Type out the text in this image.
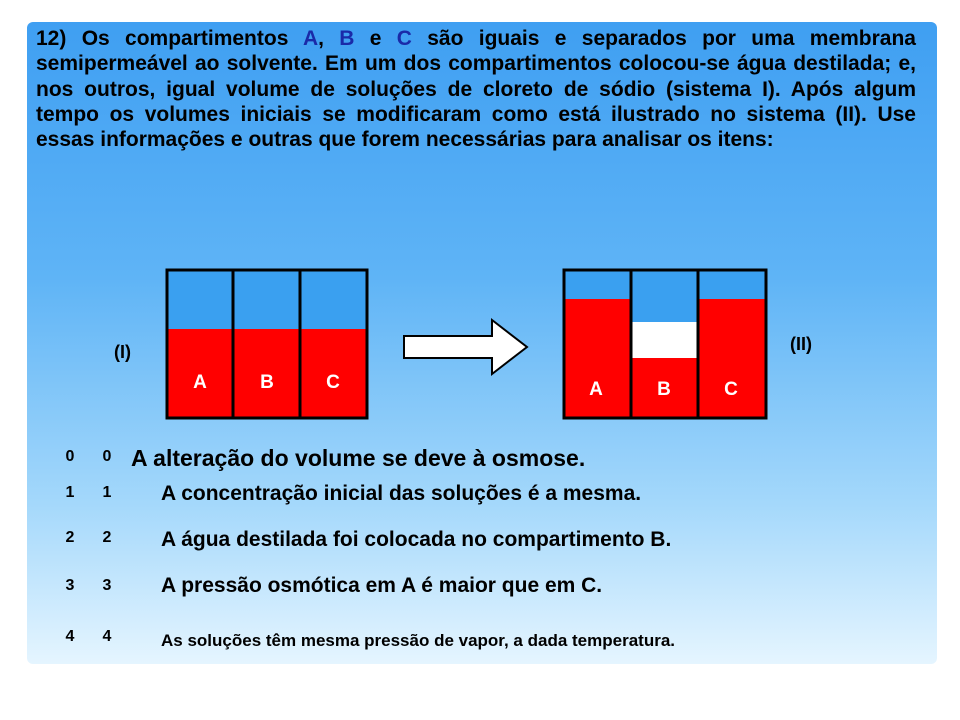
12) Os compartimentos A, B e C são iguais e separados por uma membrana semipermeável ao solvente. Em um dos compartimentos colocou-se água destilada; e, nos outros, igual volume de soluções de cloreto de sódio (sistema I). Após algum tempo os volumes iniciais se modificaram como está ilustrado no sistema (II). Use essas informações e outras que forem necessárias para analisar os itens:

A	B	C	A	B	C
(I)	(II)
0 0 A alteração do volume se deve à osmose.
1 1 A concentração inicial das soluções é a mesma.
2 2 A água destilada foi colocada no compartimento B.
3 3 A pressão osmótica em A é maior que em C.
4 4	As soluções têm mesma pressão de vapor, a dada temperatura.
